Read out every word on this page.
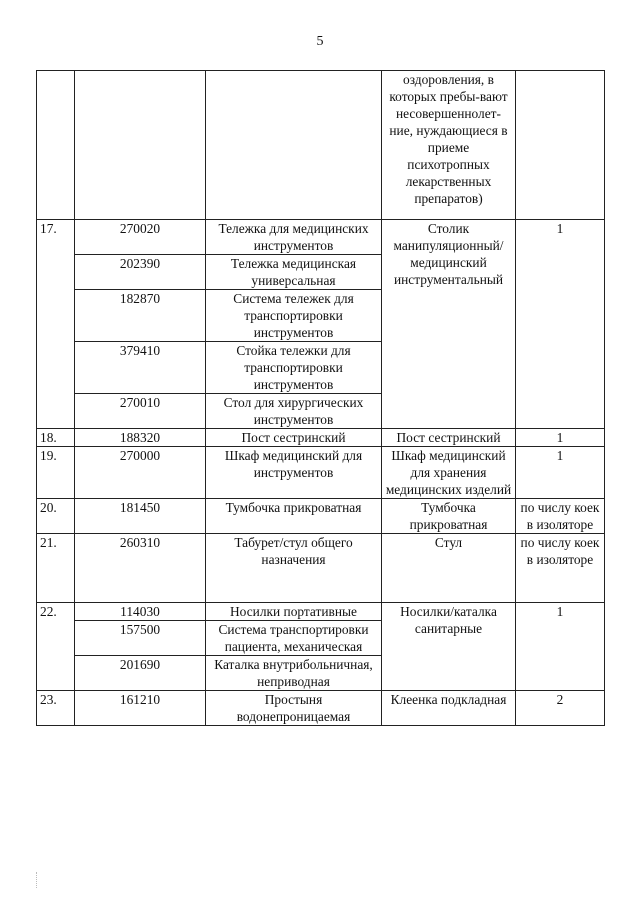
5
			оздоровления, в которых пребы-вают несовершеннолет-ние, нуждающиеся в приеме психотропных лекарственных препаратов)	
17.	270020	Тележка для медицинских инструментов	Столик манипуляционный/ медицинский инструментальный	1
	202390	Тележка медицинская универсальная		
	182870	Система тележек для транспортировки инструментов		
	379410	Стойка тележки для транспортировки инструментов		
	270010	Стол для хирургических инструментов		
18.	188320	Пост сестринский	Пост сестринский	1
19.	270000	Шкаф медицинский для инструментов	Шкаф медицинский для хранения медицинских изделий	1
20.	181450	Тумбочка прикроватная	Тумбочка прикроватная	по числу коек в изоляторе
21.	260310	Табурет/стул общего назначения	Стул	по числу коек в изоляторе
22.	114030	Носилки портативные	Носилки/каталка санитарные	1
	157500	Система транспортировки пациента, механическая		
	201690	Каталка внутрибольничная, неприводная		
23.	161210	Простыня водонепроницаемая	Клеенка подкладная	2
